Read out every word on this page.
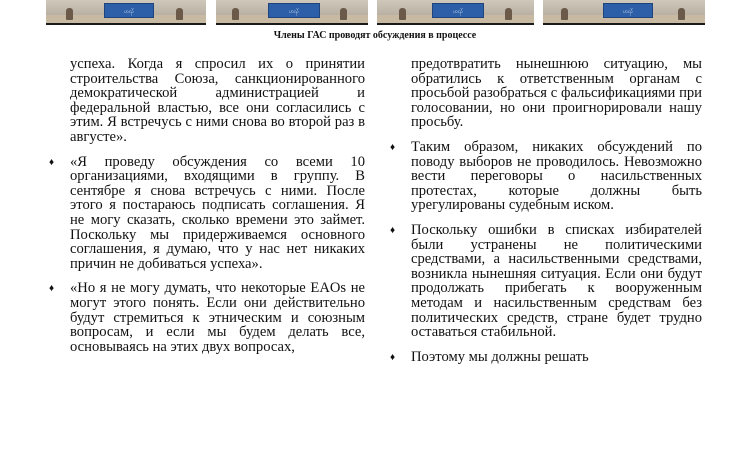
ဟၺၴ	ဟၺၴ	ဟၺၴ	ဟၺၴ
Члены ГАС проводят обсуждения в процессе

успеха. Когда я спросил их о принятии строительства Союза, санкционированного демократической администрацией и федеральной властью, все они согласились с этим. Я встречусь с ними снова во второй раз в августе».

♦ «Я проведу обсуждения со всеми 10 организациями, входящими в группу. В сентябре я снова встречусь с ними. После этого я постараюсь подписать соглашения. Я не могу сказать, сколько времени это займет. Поскольку мы придерживаемся основного соглашения, я думаю, что у нас нет никаких причин не добиваться успеха».

♦ «Но я не могу думать, что некоторые EAOs не могут этого понять. Если они действительно будут стремиться к этническим и союзным вопросам, и если мы будем делать все, основываясь на этих двух вопросах,

предотвратить нынешнюю ситуацию, мы обратились к ответственным органам с просьбой разобраться с фальсификациями при голосовании, но они проигнорировали нашу просьбу.

♦ Таким образом, никаких обсуждений по поводу выборов не проводилось. Невозможно вести переговоры о насильственных протестах, которые должны быть урегулированы судебным иском.

♦ Поскольку ошибки в списках избирателей были устранены не политическими средствами, а насильственными средствами, возникла нынешняя ситуация. Если они будут продолжать прибегать к вооруженным методам и насильственным средствам без политических средств, стране будет трудно оставаться стабильной.

♦ Поэтому мы должны решать
